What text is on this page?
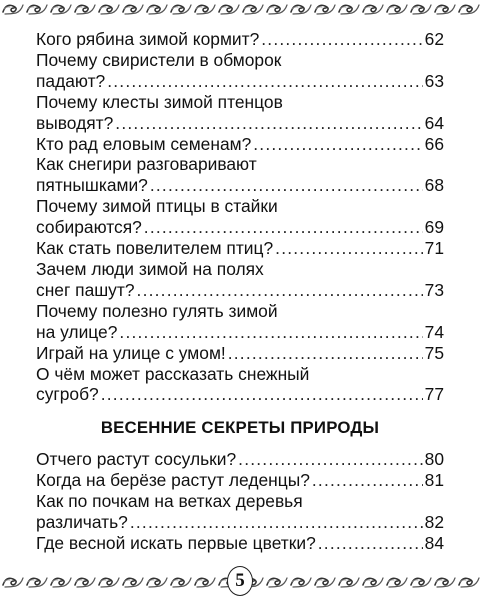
Кого рябина зимой кормит? .....	62
Почему свиристели в обморок
падают? .....	63
Почему клесты зимой птенцов
выводят? .....	64
Кто рад еловым семенам? .....	66
Как снегири разговаривают
пятнышками? .....	68
Почему зимой птицы в стайки
собираются? .....	69
Как стать повелителем птиц? .....	71
Зачем люди зимой на полях
снег пашут? .....	73
Почему полезно гулять зимой
на улице? .....	74
Играй на улице с умом! .....	75
О чём может рассказать снежный
сугроб? .....	77
ВЕСЕННИЕ СЕКРЕТЫ ПРИРОДЫ
Отчего растут сосульки? .....	80
Когда на берёзе растут леденцы? .....	81
Как по почкам на ветках деревья
различать? .....	82
Где весной искать первые цветки? .....	84
5
